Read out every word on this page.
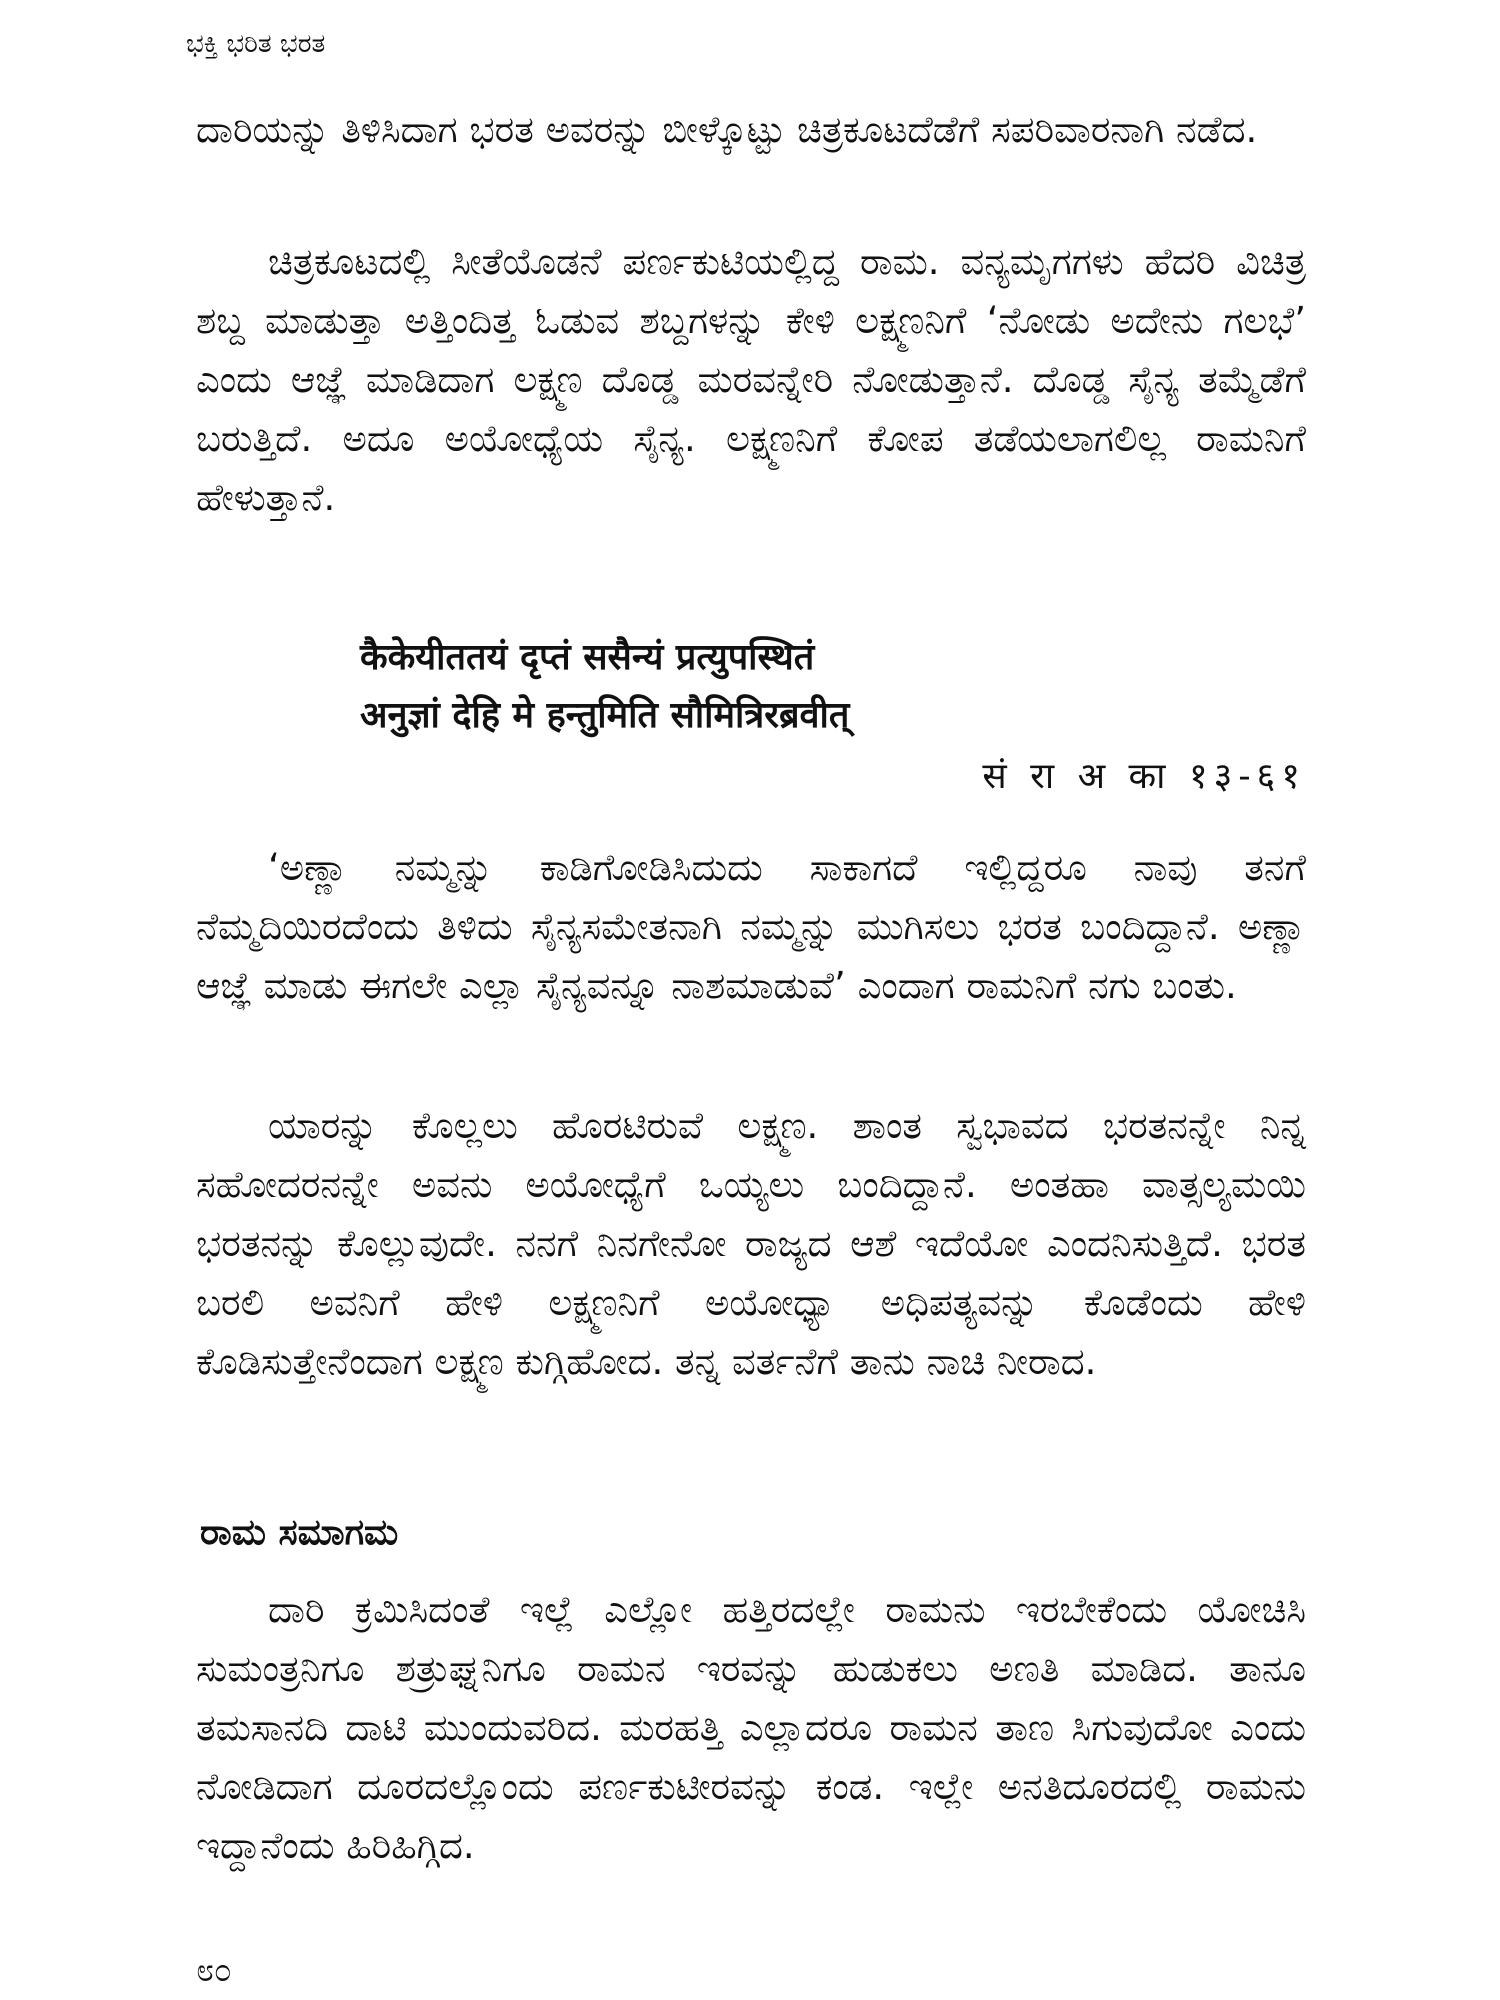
ಭಕ್ತಿ ಭರಿತ ಭರತ

ದಾರಿಯನ್ನು ತಿಳಿಸಿದಾಗ ಭರತ ಅವರನ್ನು ಬೀಳ್ಕೊಟ್ಟು ಚಿತ್ರಕೂಟದೆಡೆಗೆ ಸಪರಿವಾರನಾಗಿ ನಡೆದ.

ಚಿತ್ರಕೂಟದಲ್ಲಿ ಸೀತೆಯೊಡನೆ ಪರ್ಣಕುಟಿಯಲ್ಲಿದ್ದ ರಾಮ. ವನ್ಯಮೃಗಗಳು ಹೆದರಿ ವಿಚಿತ್ರ ಶಬ್ದ ಮಾಡುತ್ತಾ ಅತ್ತಿಂದಿತ್ತ ಓಡುವ ಶಬ್ದಗಳನ್ನು ಕೇಳಿ ಲಕ್ಷ್ಮಣನಿಗೆ ‘ನೋಡು ಅದೇನು ಗಲಭೆ’ ಎಂದು ಆಜ್ಞೆ ಮಾಡಿದಾಗ ಲಕ್ಷ್ಮಣ ದೊಡ್ಡ ಮರವನ್ನೇರಿ ನೋಡುತ್ತಾನೆ. ದೊಡ್ಡ ಸೈನ್ಯ ತಮ್ಮೆಡೆಗೆ ಬರುತ್ತಿದೆ. ಅದೂ ಅಯೋಧ್ಯೆಯ ಸೈನ್ಯ. ಲಕ್ಷ್ಮಣನಿಗೆ ಕೋಪ ತಡೆಯಲಾಗಲಿಲ್ಲ ರಾಮನಿಗೆ ಹೇಳುತ್ತಾನೆ.

कैकेयीततयं दृप्तं ससैन्यं प्रत्युपस्थितं
अनुज्ञां देहि मे हन्तुमिति सौमित्रिरब्रवीत्
सं रा अ का १३-६१

‘ಅಣ್ಣಾ ನಮ್ಮನ್ನು ಕಾಡಿಗೋಡಿಸಿದುದು ಸಾಕಾಗದೆ ಇಲ್ಲಿದ್ದರೂ ನಾವು ತನಗೆ ನೆಮ್ಮದಿಯಿರದೆಂದು ತಿಳಿದು ಸೈನ್ಯಸಮೇತನಾಗಿ ನಮ್ಮನ್ನು ಮುಗಿಸಲು ಭರತ ಬಂದಿದ್ದಾನೆ. ಅಣ್ಣಾ ಆಜ್ಞೆ ಮಾಡು ಈಗಲೇ ಎಲ್ಲಾ ಸೈನ್ಯವನ್ನೂ ನಾಶಮಾಡುವೆ’ ಎಂದಾಗ ರಾಮನಿಗೆ ನಗು ಬಂತು.

ಯಾರನ್ನು ಕೊಲ್ಲಲು ಹೊರಟಿರುವೆ ಲಕ್ಷ್ಮಣ. ಶಾಂತ ಸ್ವಭಾವದ ಭರತನನ್ನೇ ನಿನ್ನ ಸಹೋದರನನ್ನೇ ಅವನು ಅಯೋಧ್ಯೆಗೆ ಒಯ್ಯಲು ಬಂದಿದ್ದಾನೆ. ಅಂತಹಾ ವಾತ್ಸಲ್ಯಮಯಿ ಭರತನನ್ನು ಕೊಲ್ಲುವುದೇ. ನನಗೆ ನಿನಗೇನೋ ರಾಜ್ಯದ ಆಶೆ ಇದೆಯೋ ಎಂದನಿಸುತ್ತಿದೆ. ಭರತ ಬರಲಿ ಅವನಿಗೆ ಹೇಳಿ ಲಕ್ಷ್ಮಣನಿಗೆ ಅಯೋಧ್ಯಾ ಅಧಿಪತ್ಯವನ್ನು ಕೊಡೆಂದು ಹೇಳಿ ಕೊಡಿಸುತ್ತೇನೆಂದಾಗ ಲಕ್ಷ್ಮಣ ಕುಗ್ಗಿಹೋದ. ತನ್ನ ವರ್ತನೆಗೆ ತಾನು ನಾಚಿ ನೀರಾದ.

ರಾಮ ಸಮಾಗಮ

ದಾರಿ ಕ್ರಮಿಸಿದಂತೆ ಇಲ್ಲೆ ಎಲ್ಲೋ ಹತ್ತಿರದಲ್ಲೇ ರಾಮನು ಇರಬೇಕೆಂದು ಯೋಚಿಸಿ ಸುಮಂತ್ರನಿಗೂ ಶತ್ರುಘ್ನನಿಗೂ ರಾಮನ ಇರವನ್ನು ಹುಡುಕಲು ಅಣತಿ ಮಾಡಿದ. ತಾನೂ ತಮಸಾನದಿ ದಾಟಿ ಮುಂದುವರಿದ. ಮರಹತ್ತಿ ಎಲ್ಲಾದರೂ ರಾಮನ ತಾಣ ಸಿಗುವುದೋ ಎಂದು ನೋಡಿದಾಗ ದೂರದಲ್ಲೊಂದು ಪರ್ಣಕುಟೀರವನ್ನು ಕಂಡ. ಇಲ್ಲೇ ಅನತಿದೂರದಲ್ಲಿ ರಾಮನು ಇದ್ದಾನೆಂದು ಹಿರಿಹಿಗ್ಗಿದ.

೮೦
